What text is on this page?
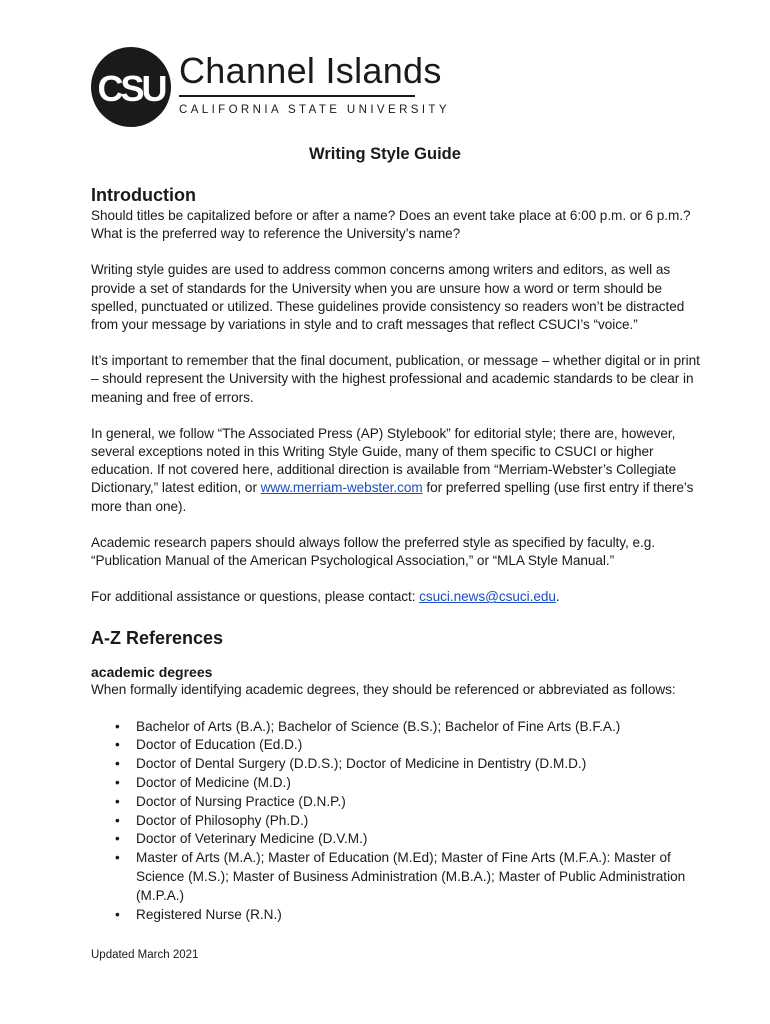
CSU Channel Islands
CALIFORNIA STATE UNIVERSITY
Writing Style Guide
Introduction

Should titles be capitalized before or after a name? Does an event take place at 6:00 p.m. or 6 p.m.? What is the preferred way to reference the University’s name?

Writing style guides are used to address common concerns among writers and editors, as well as provide a set of standards for the University when you are unsure how a word or term should be spelled, punctuated or utilized. These guidelines provide consistency so readers won’t be distracted from your message by variations in style and to craft messages that reflect CSUCI’s “voice.”

It’s important to remember that the final document, publication, or message – whether digital or in print – should represent the University with the highest professional and academic standards to be clear in meaning and free of errors.

In general, we follow “The Associated Press (AP) Stylebook” for editorial style; there are, however, several exceptions noted in this Writing Style Guide, many of them specific to CSUCI or higher education. If not covered here, additional direction is available from “Merriam-Webster’s Collegiate Dictionary,” latest edition, or www.merriam-webster.com for preferred spelling (use first entry if there’s more than one).

Academic research papers should always follow the preferred style as specified by faculty, e.g. “Publication Manual of the American Psychological Association,” or “MLA Style Manual.”

For additional assistance or questions, please contact: csuci.news@csuci.edu.

A-Z References
academic degrees

When formally identifying academic degrees, they should be referenced or abbreviated as follows:

• Bachelor of Arts (B.A.); Bachelor of Science (B.S.); Bachelor of Fine Arts (B.F.A.)
• Doctor of Education (Ed.D.)
• Doctor of Dental Surgery (D.D.S.); Doctor of Medicine in Dentistry (D.M.D.)
• Doctor of Medicine (M.D.)
• Doctor of Nursing Practice (D.N.P.)
• Doctor of Philosophy (Ph.D.)
• Doctor of Veterinary Medicine (D.V.M.)
• Master of Arts (M.A.); Master of Education (M.Ed); Master of Fine Arts (M.F.A.): Master of Science (M.S.); Master of Business Administration (M.B.A.); Master of Public Administration (M.P.A.)
• Registered Nurse (R.N.)
Updated March 2021
